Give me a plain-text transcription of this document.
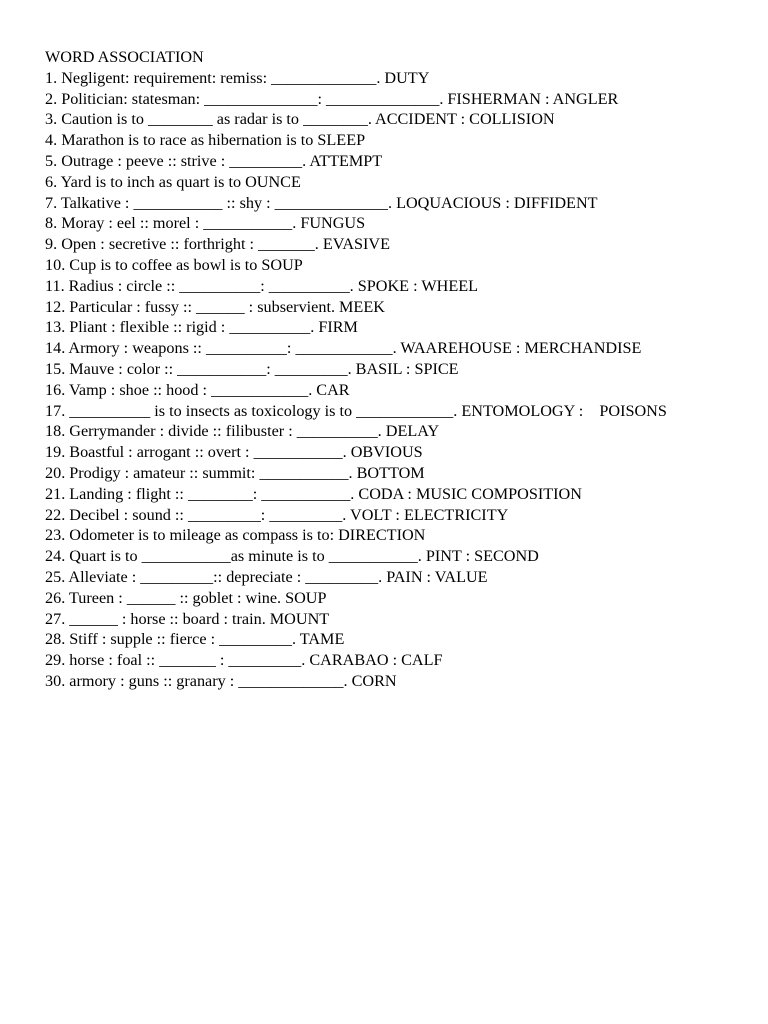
WORD ASSOCIATION
1. Negligent: requirement: remiss: _____________. DUTY
2. Politician: statesman: ______________: ______________. FISHERMAN : ANGLER
3. Caution is to ________ as radar is to ________. ACCIDENT : COLLISION
4. Marathon is to race as hibernation is to SLEEP
5. Outrage : peeve :: strive : _________. ATTEMPT
6. Yard is to inch as quart is to OUNCE
7. Talkative : ___________ :: shy : ______________. LOQUACIOUS : DIFFIDENT
8. Moray : eel :: morel : ___________. FUNGUS
9. Open : secretive :: forthright : _______. EVASIVE
10. Cup is to coffee as bowl is to SOUP
11. Radius : circle :: __________: __________. SPOKE : WHEEL
12. Particular : fussy :: ______ : subservient. MEEK
13. Pliant : flexible :: rigid : __________. FIRM
14. Armory : weapons :: __________: ____________. WAAREHOUSE : MERCHANDISE
15. Mauve : color :: ___________: _________. BASIL : SPICE
16. Vamp : shoe :: hood : ____________. CAR
17. __________ is to insects as toxicology is to ____________. ENTOMOLOGY :    POISONS
18. Gerrymander : divide :: filibuster : __________. DELAY
19. Boastful : arrogant :: overt : ___________. OBVIOUS
20. Prodigy : amateur :: summit: ___________. BOTTOM
21. Landing : flight :: ________: ___________. CODA : MUSIC COMPOSITION
22. Decibel : sound :: _________: _________. VOLT : ELECTRICITY
23. Odometer is to mileage as compass is to: DIRECTION
24. Quart is to ___________as minute is to ___________. PINT : SECOND
25. Alleviate : _________:: depreciate : _________. PAIN : VALUE
26. Tureen : ______ :: goblet : wine. SOUP
27. ______ : horse :: board : train. MOUNT
28. Stiff : supple :: fierce : _________. TAME
29. horse : foal :: _______ : _________. CARABAO : CALF
30. armory : guns :: granary : _____________. CORN
